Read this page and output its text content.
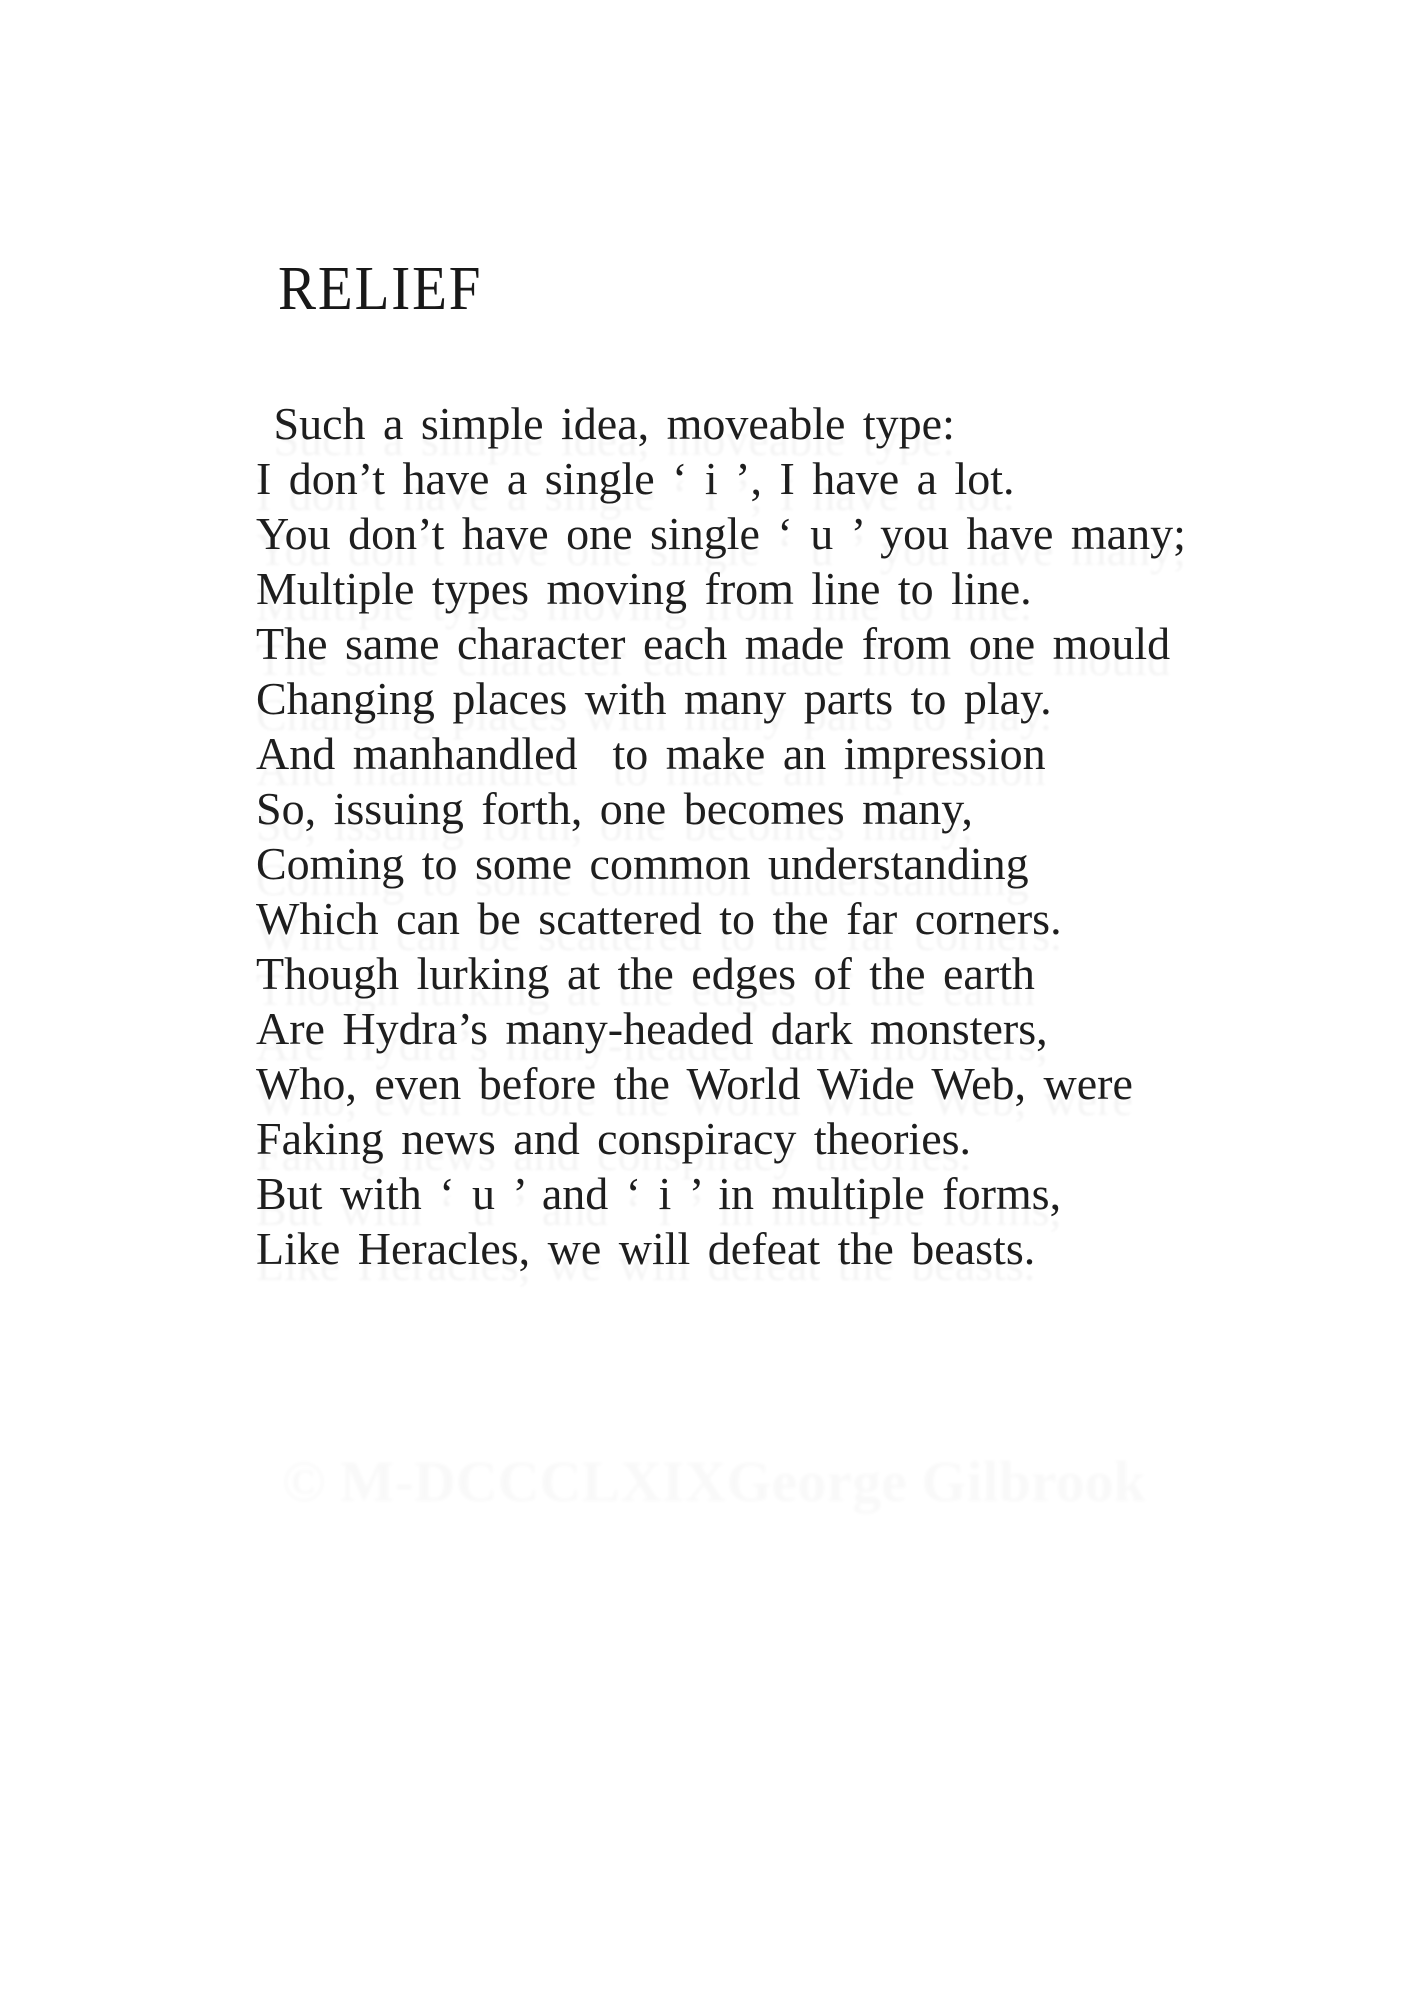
RELIEF
Such a simple idea, moveable type:
I don’t have a single ‘ i ’, I have a lot.
You don’t have one single ‘ u ’ you have many;
Multiple types moving from line to line.
The same character each made from one mould
Changing places with many parts to play.
And manhandled  to make an impression
So, issuing forth, one becomes many,
Coming to some common understanding
Which can be scattered to the far corners.
Though lurking at the edges of the earth
Are Hydra’s many-headed dark monsters,
Who, even before the World Wide Web, were
Faking news and conspiracy theories.
But with ‘ u ’ and ‘ i ’ in multiple forms,
Like Heracles, we will defeat the beasts.
